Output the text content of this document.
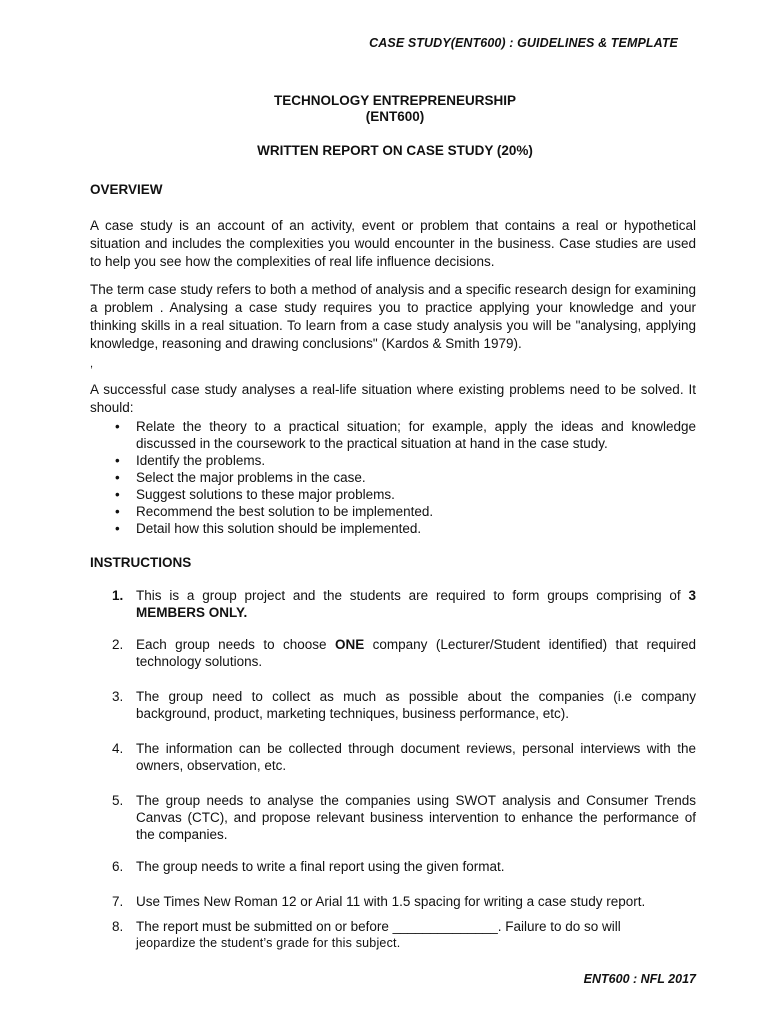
CASE STUDY(ENT600) : GUIDELINES & TEMPLATE
TECHNOLOGY ENTREPRENEURSHIP
(ENT600)
WRITTEN REPORT ON CASE STUDY (20%)
OVERVIEW
A case study is an account of an activity, event or problem that contains a real or hypothetical situation and includes the complexities you would encounter in the business. Case studies are used to help you see how the complexities of real life influence decisions.
The term case study refers to both a method of analysis and a specific research design for examining a problem . Analysing a case study requires you to practice applying your knowledge and your thinking skills in a real situation. To learn from a case study analysis you will be "analysing, applying knowledge, reasoning and drawing conclusions" (Kardos & Smith 1979).
,
A successful case study analyses a real-life situation where existing problems need to be solved. It should:
• Relate the theory to a practical situation; for example, apply the ideas and knowledge discussed in the coursework to the practical situation at hand in the case study.
• Identify the problems.
• Select the major problems in the case.
• Suggest solutions to these major problems.
• Recommend the best solution to be implemented.
• Detail how this solution should be implemented.
INSTRUCTIONS
1. This is a group project and the students are required to form groups comprising of 3 MEMBERS ONLY.
2. Each group needs to choose ONE company (Lecturer/Student identified) that required technology solutions.
3. The group need to collect as much as possible about the companies (i.e company background, product, marketing techniques, business performance, etc).
4. The information can be collected through document reviews, personal interviews with the owners, observation, etc.
5. The group needs to analyse the companies using SWOT analysis and Consumer Trends Canvas (CTC), and propose relevant business intervention to enhance the performance of the companies.
6. The group needs to write a final report using the given format.
7. Use Times New Roman 12 or Arial 11 with 1.5 spacing for writing a case study report.
8. The report must be submitted on or before ______________. Failure to do so will
jeopardize the student’s grade for this subject.
ENT600 : NFL 2017
